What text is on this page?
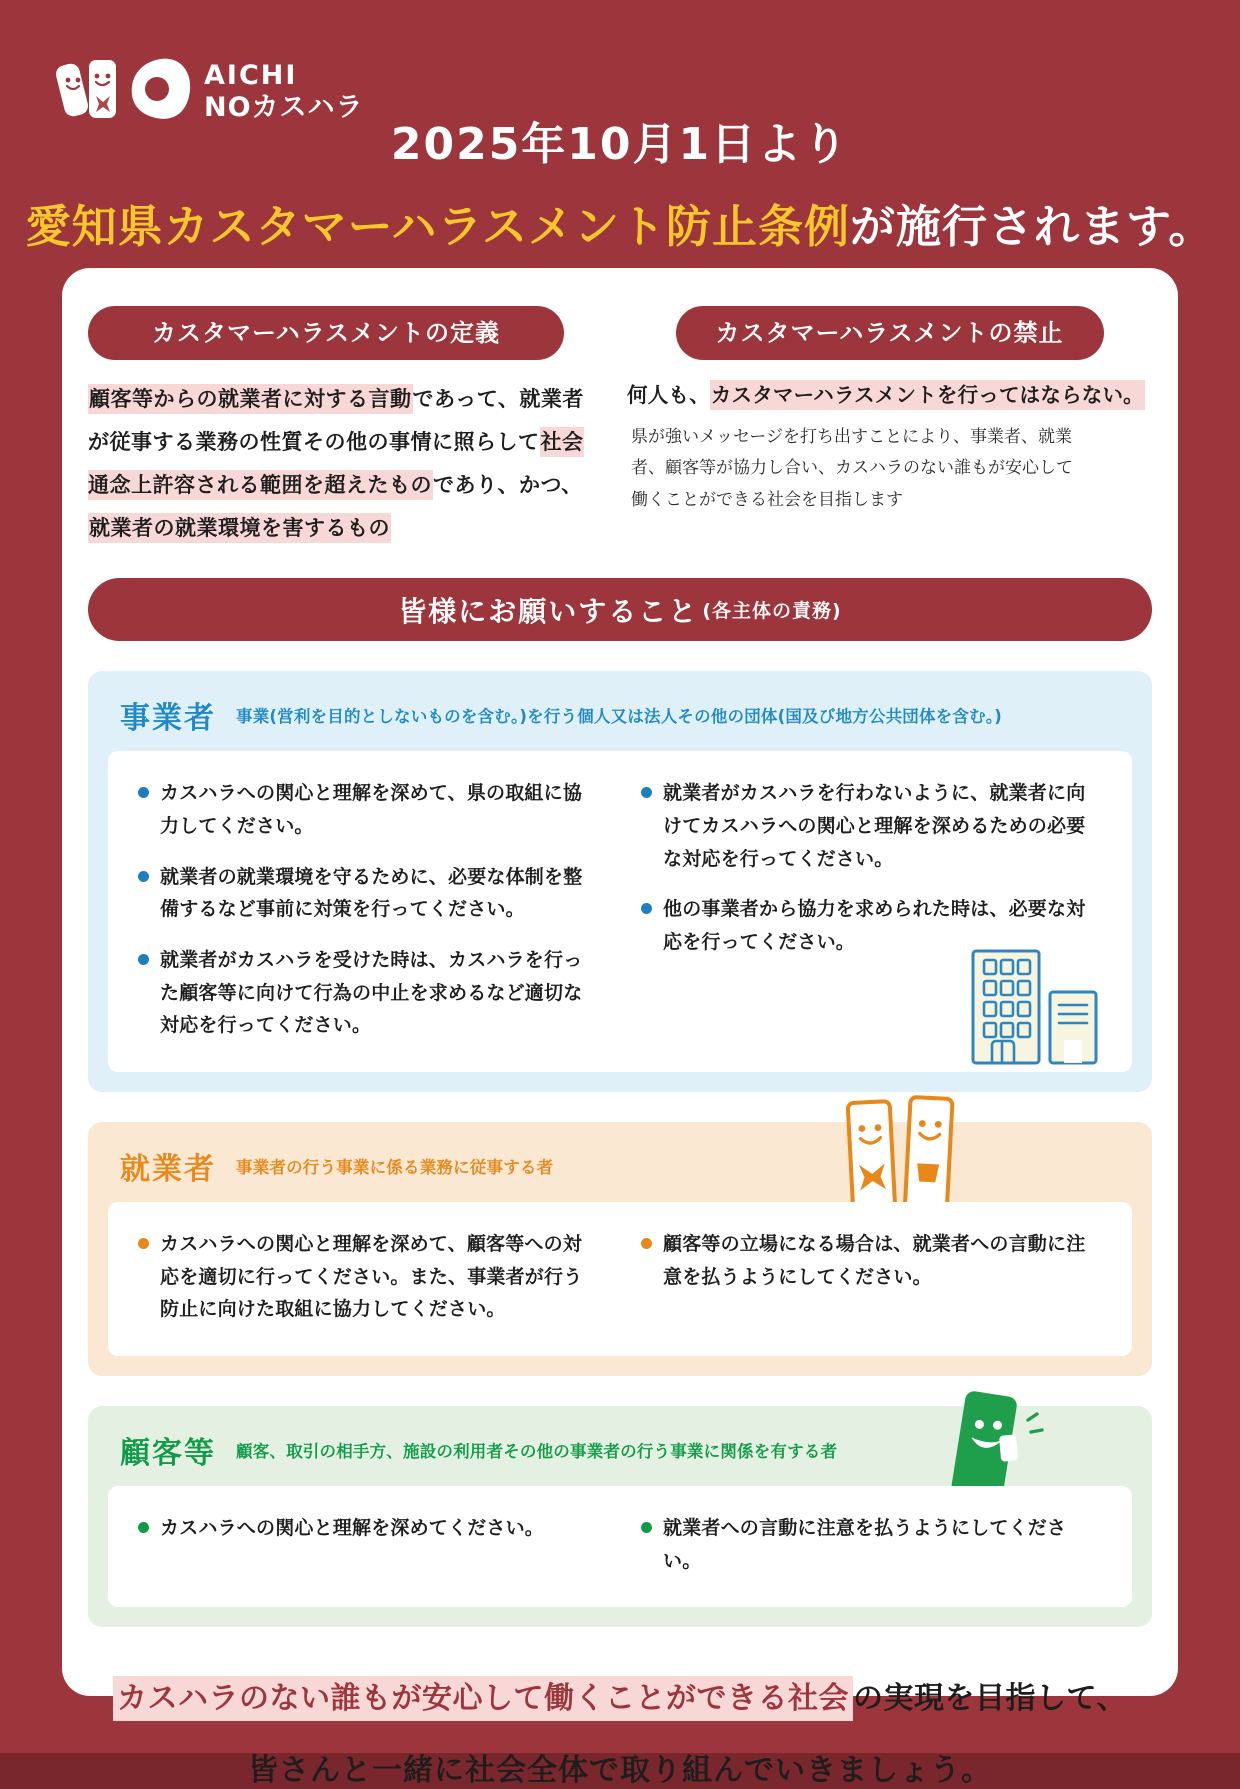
AICHI
NOカスハラ
2025年10月1日より
愛知県カスタマーハラスメント防止条例が施行されます。
カスタマーハラスメントの定義
顧客等からの就業者に対する言動であって、就業者が従事する業務の性質その他の事情に照らして社会通念上許容される範囲を超えたものであり、かつ、就業者の就業環境を害するもの
カスタマーハラスメントの禁止
何人も、カスタマーハラスメントを行ってはならない。
県が強いメッセージを打ち出すことにより、事業者、就業者、顧客等が協力し合い、カスハラのない誰もが安心して働くことができる社会を目指します
皆様にお願いすること (各主体の責務)
事業者 事業(営利を目的としないものを含む。)を行う個人又は法人その他の団体(国及び地方公共団体を含む。)
カスハラへの関心と理解を深めて、県の取組に協力してください。
就業者の就業環境を守るために、必要な体制を整備するなど事前に対策を行ってください。
就業者がカスハラを受けた時は、カスハラを行った顧客等に向けて行為の中止を求めるなど適切な対応を行ってください。
就業者がカスハラを行わないように、就業者に向けてカスハラへの関心と理解を深めるための必要な対応を行ってください。
他の事業者から協力を求められた時は、必要な対応を行ってください。
就業者 事業者の行う事業に係る業務に従事する者
カスハラへの関心と理解を深めて、顧客等への対応を適切に行ってください。また、事業者が行う防止に向けた取組に協力してください。
顧客等の立場になる場合は、就業者への言動に注意を払うようにしてください。
顧客等 顧客、取引の相手方、施設の利用者その他の事業者の行う事業に関係を有する者
カスハラへの関心と理解を深めてください。	就業者への言動に注意を払うようにしてください。
カスハラのない誰もが安心して働くことができる社会 の実現を目指して、
皆さんと一緒に社会全体で取り組んでいきましょう。
